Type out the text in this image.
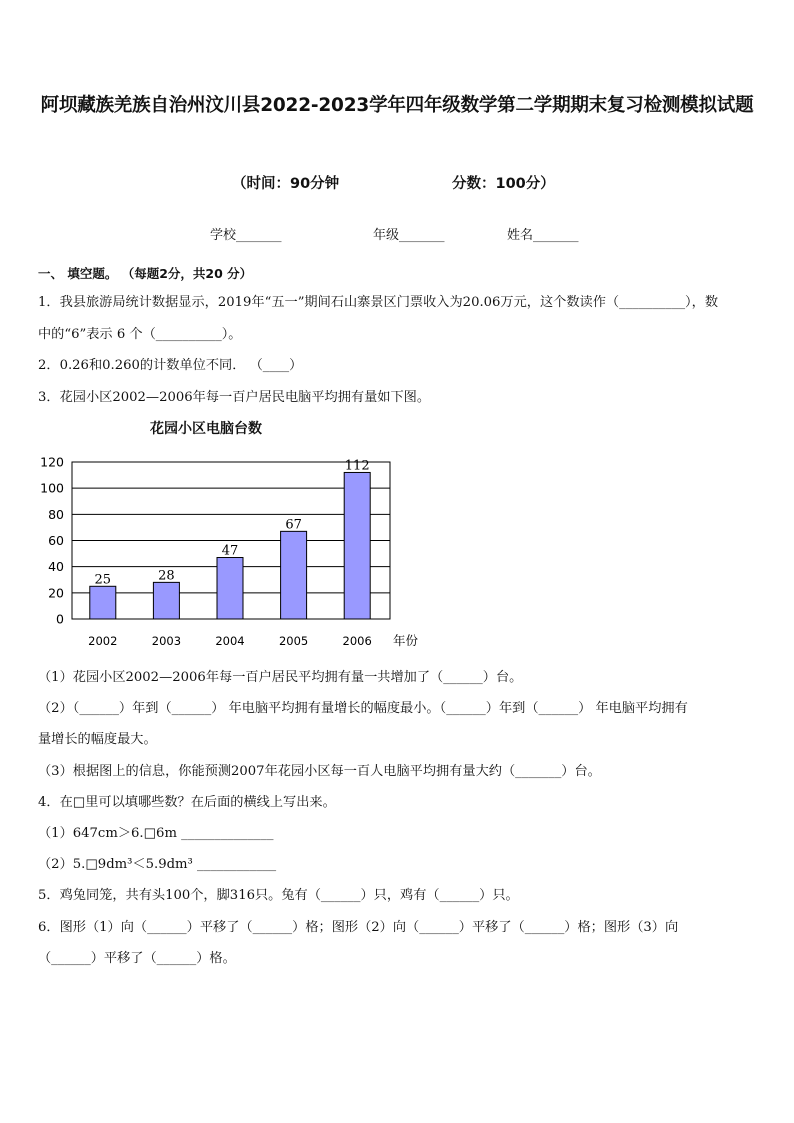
阿坝藏族羌族自治州汶川县2022-2023学年四年级数学第二学期期末复习检测模拟试题
（时间：90分钟	分数：100分）
学校_______	年级_______	姓名_______
一、 填空题。 （每题2分，共20 分）
1．我县旅游局统计数据显示，2019年“五一”期间石山寨景区门票收入为20.06万元，这个数读作（__________），数
中的“6”表示 6 个（__________）。
2．0.26和0.260的计数单位不同． （____）
3．花园小区2002—2006年每一百户居民电脑平均拥有量如下图。
花园小区电脑台数
0
20
40
60
80
100
120
2002	2003	2004	2005	2006
25	28
47
67
112
年份
（1）花园小区2002—2006年每一百户居民平均拥有量一共增加了（______）台。
（2）（______）年到（______） 年电脑平均拥有量增长的幅度最小。（______）年到（______） 年电脑平均拥有
量增长的幅度最大。
（3）根据图上的信息，你能预测2007年花园小区每一百人电脑平均拥有量大约（_______）台。
4．在□里可以填哪些数？在后面的横线上写出来。
（1）647cm＞6.□6m ______________
（2）5.□9dm³＜5.9dm³ ____________
5．鸡兔同笼，共有头100个，脚316只。兔有（______）只，鸡有（______）只。
6．图形（1）向（______）平移了（______）格；图形（2）向（______）平移了（______）格；图形（3）向
（______）平移了（______）格。
